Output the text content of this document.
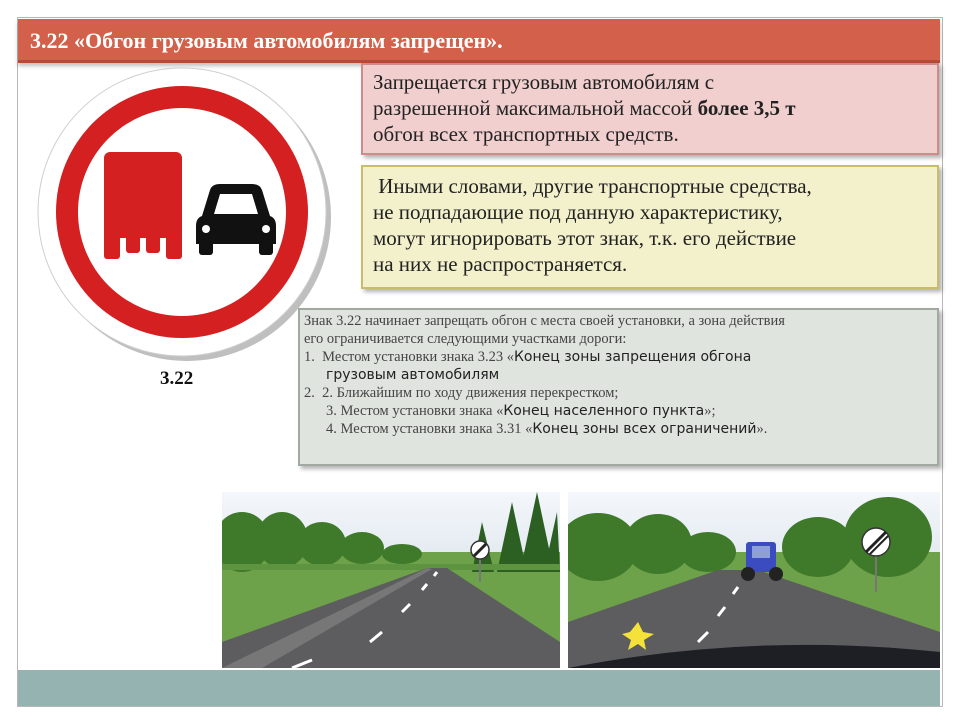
3.22 «Обгон грузовым автомобилям запрещен».
3.22
Запрещается грузовым автомобилям с
разрешенной максимальной массой более 3,5 т
обгон всех транспортных средств.
Иными словами, другие транспортные средства,
не подпадающие под данную характеристику,
могут игнорировать этот знак, т.к. его действие
на них не распространяется.
Знак 3.22 начинает запрещать обгон с места своей установки, а зона действия
его ограничивается следующими участками дороги:
1.  Местом установки знака 3.23 «Конец зоны запрещения обгона
грузовым автомобилям
2.  2. Ближайшим по ходу движения перекрестком;
3. Местом установки знака «Конец населенного пункта»;
4. Местом установки знака 3.31 «Конец зоны всех ограничений».
